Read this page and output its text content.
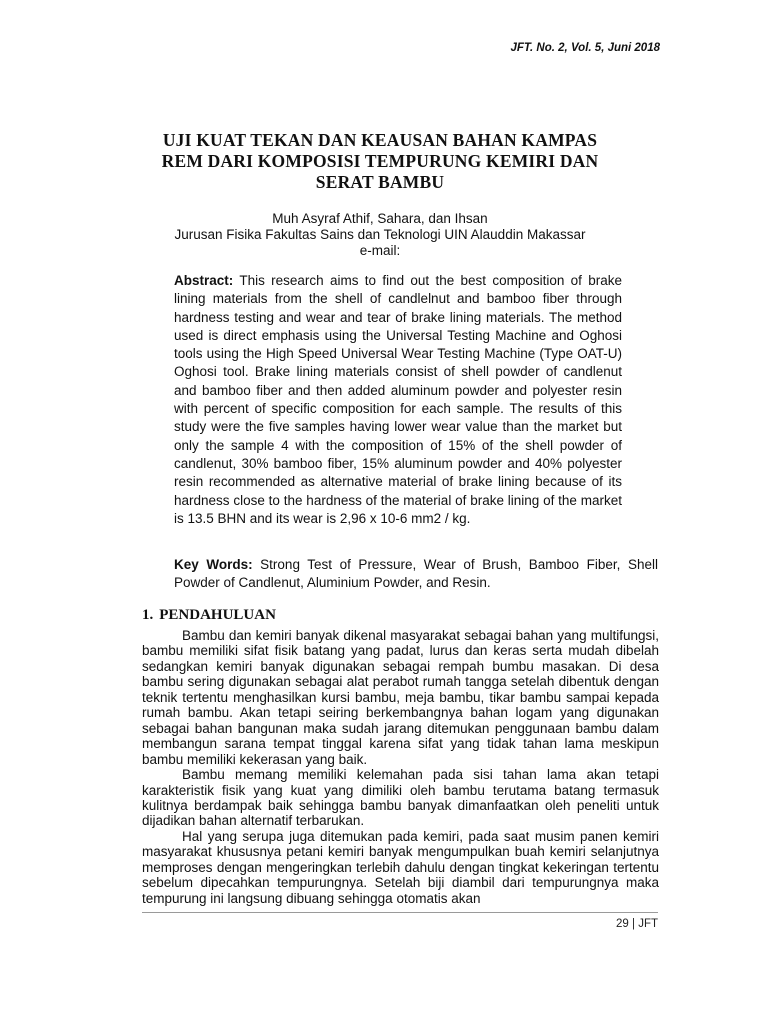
JFT. No. 2, Vol. 5, Juni 2018
UJI KUAT TEKAN DAN KEAUSAN BAHAN KAMPAS REM DARI KOMPOSISI TEMPURUNG KEMIRI DAN SERAT BAMBU
Muh Asyraf Athif, Sahara, dan Ihsan
Jurusan Fisika Fakultas Sains dan Teknologi UIN Alauddin Makassar
e-mail:

Abstract: This research aims to find out the best composition of brake lining materials from the shell of candlelnut and bamboo fiber through hardness testing and wear and tear of brake lining materials. The method used is direct emphasis using the Universal Testing Machine and Oghosi tools using the High Speed Universal Wear Testing Machine (Type OAT-U) Oghosi tool. Brake lining materials consist of shell powder of candlenut and bamboo fiber and then added aluminum powder and polyester resin with percent of specific composition for each sample. The results of this study were the five samples having lower wear value than the market but only the sample 4 with the composition of 15% of the shell powder of candlenut, 30% bamboo fiber, 15% aluminum powder and 40% polyester resin recommended as alternative material of brake lining because of its hardness close to the hardness of the material of brake lining of the market is 13.5 BHN and its wear is 2,96 x 10-6 mm2 / kg.

Key Words: Strong Test of Pressure, Wear of Brush, Bamboo Fiber, Shell Powder of Candlenut, Aluminium Powder, and Resin.

1. PENDAHULUAN

Bambu dan kemiri banyak dikenal masyarakat sebagai bahan yang multifungsi, bambu memiliki sifat fisik batang yang padat, lurus dan keras serta mudah dibelah sedangkan kemiri banyak digunakan sebagai rempah bumbu masakan. Di desa bambu sering digunakan sebagai alat perabot rumah tangga setelah dibentuk dengan teknik tertentu menghasilkan kursi bambu, meja bambu, tikar bambu sampai kepada rumah bambu. Akan tetapi seiring berkembangnya bahan logam yang digunakan sebagai bahan bangunan maka sudah jarang ditemukan penggunaan bambu dalam membangun sarana tempat tinggal karena sifat yang tidak tahan lama meskipun bambu memiliki kekerasan yang baik.

Bambu memang memiliki kelemahan pada sisi tahan lama akan tetapi karakteristik fisik yang kuat yang dimiliki oleh bambu terutama batang termasuk kulitnya berdampak baik sehingga bambu banyak dimanfaatkan oleh peneliti untuk dijadikan bahan alternatif terbarukan.

Hal yang serupa juga ditemukan pada kemiri, pada saat musim panen kemiri masyarakat khususnya petani kemiri banyak mengumpulkan buah kemiri selanjutnya memproses dengan mengeringkan terlebih dahulu dengan tingkat kekeringan tertentu sebelum dipecahkan tempurungnya. Setelah biji diambil dari tempurungnya maka tempurung ini langsung dibuang sehingga otomatis akan

29 | JFT
